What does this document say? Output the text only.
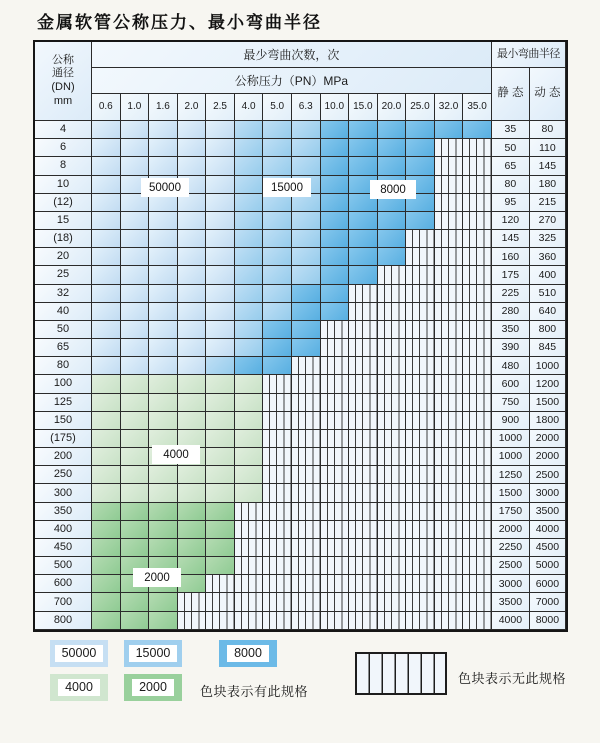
金属软管公称压力、最小弯曲半径
公称
通径
(DN)
mm
最少弯曲次数，次
公称压力（PN）MPa
最小弯曲半径
静 态 动 态
0.6	1.0	1.6	2.0	2.5	4.0	5.0	6.3	10.0 15.0 20.0 25.0 32.0 35.0
4	35	80
6	50	110
8	65	145
10	80	180
(12)	95	215
15	120	270
(18)	145	325
20	160	360
25	175	400
32	225	510
40	280	640
50	350	800
65	390	845
80	480	1000
100	600	1200
125	750	1500
150	900	1800
(175)	1000	2000
200	1000	2000
250	1250	2500
300	1500	3000
350	1750	3500
400	2000	4000
450	2250	4500
500	2500	5000
600	3000	6000
700	3500	7000
800	4000	8000
50000	15000	8000
4000
2000
色块表示有此规格
色块表示无此规格
50000	15000	8000
4000	2000
